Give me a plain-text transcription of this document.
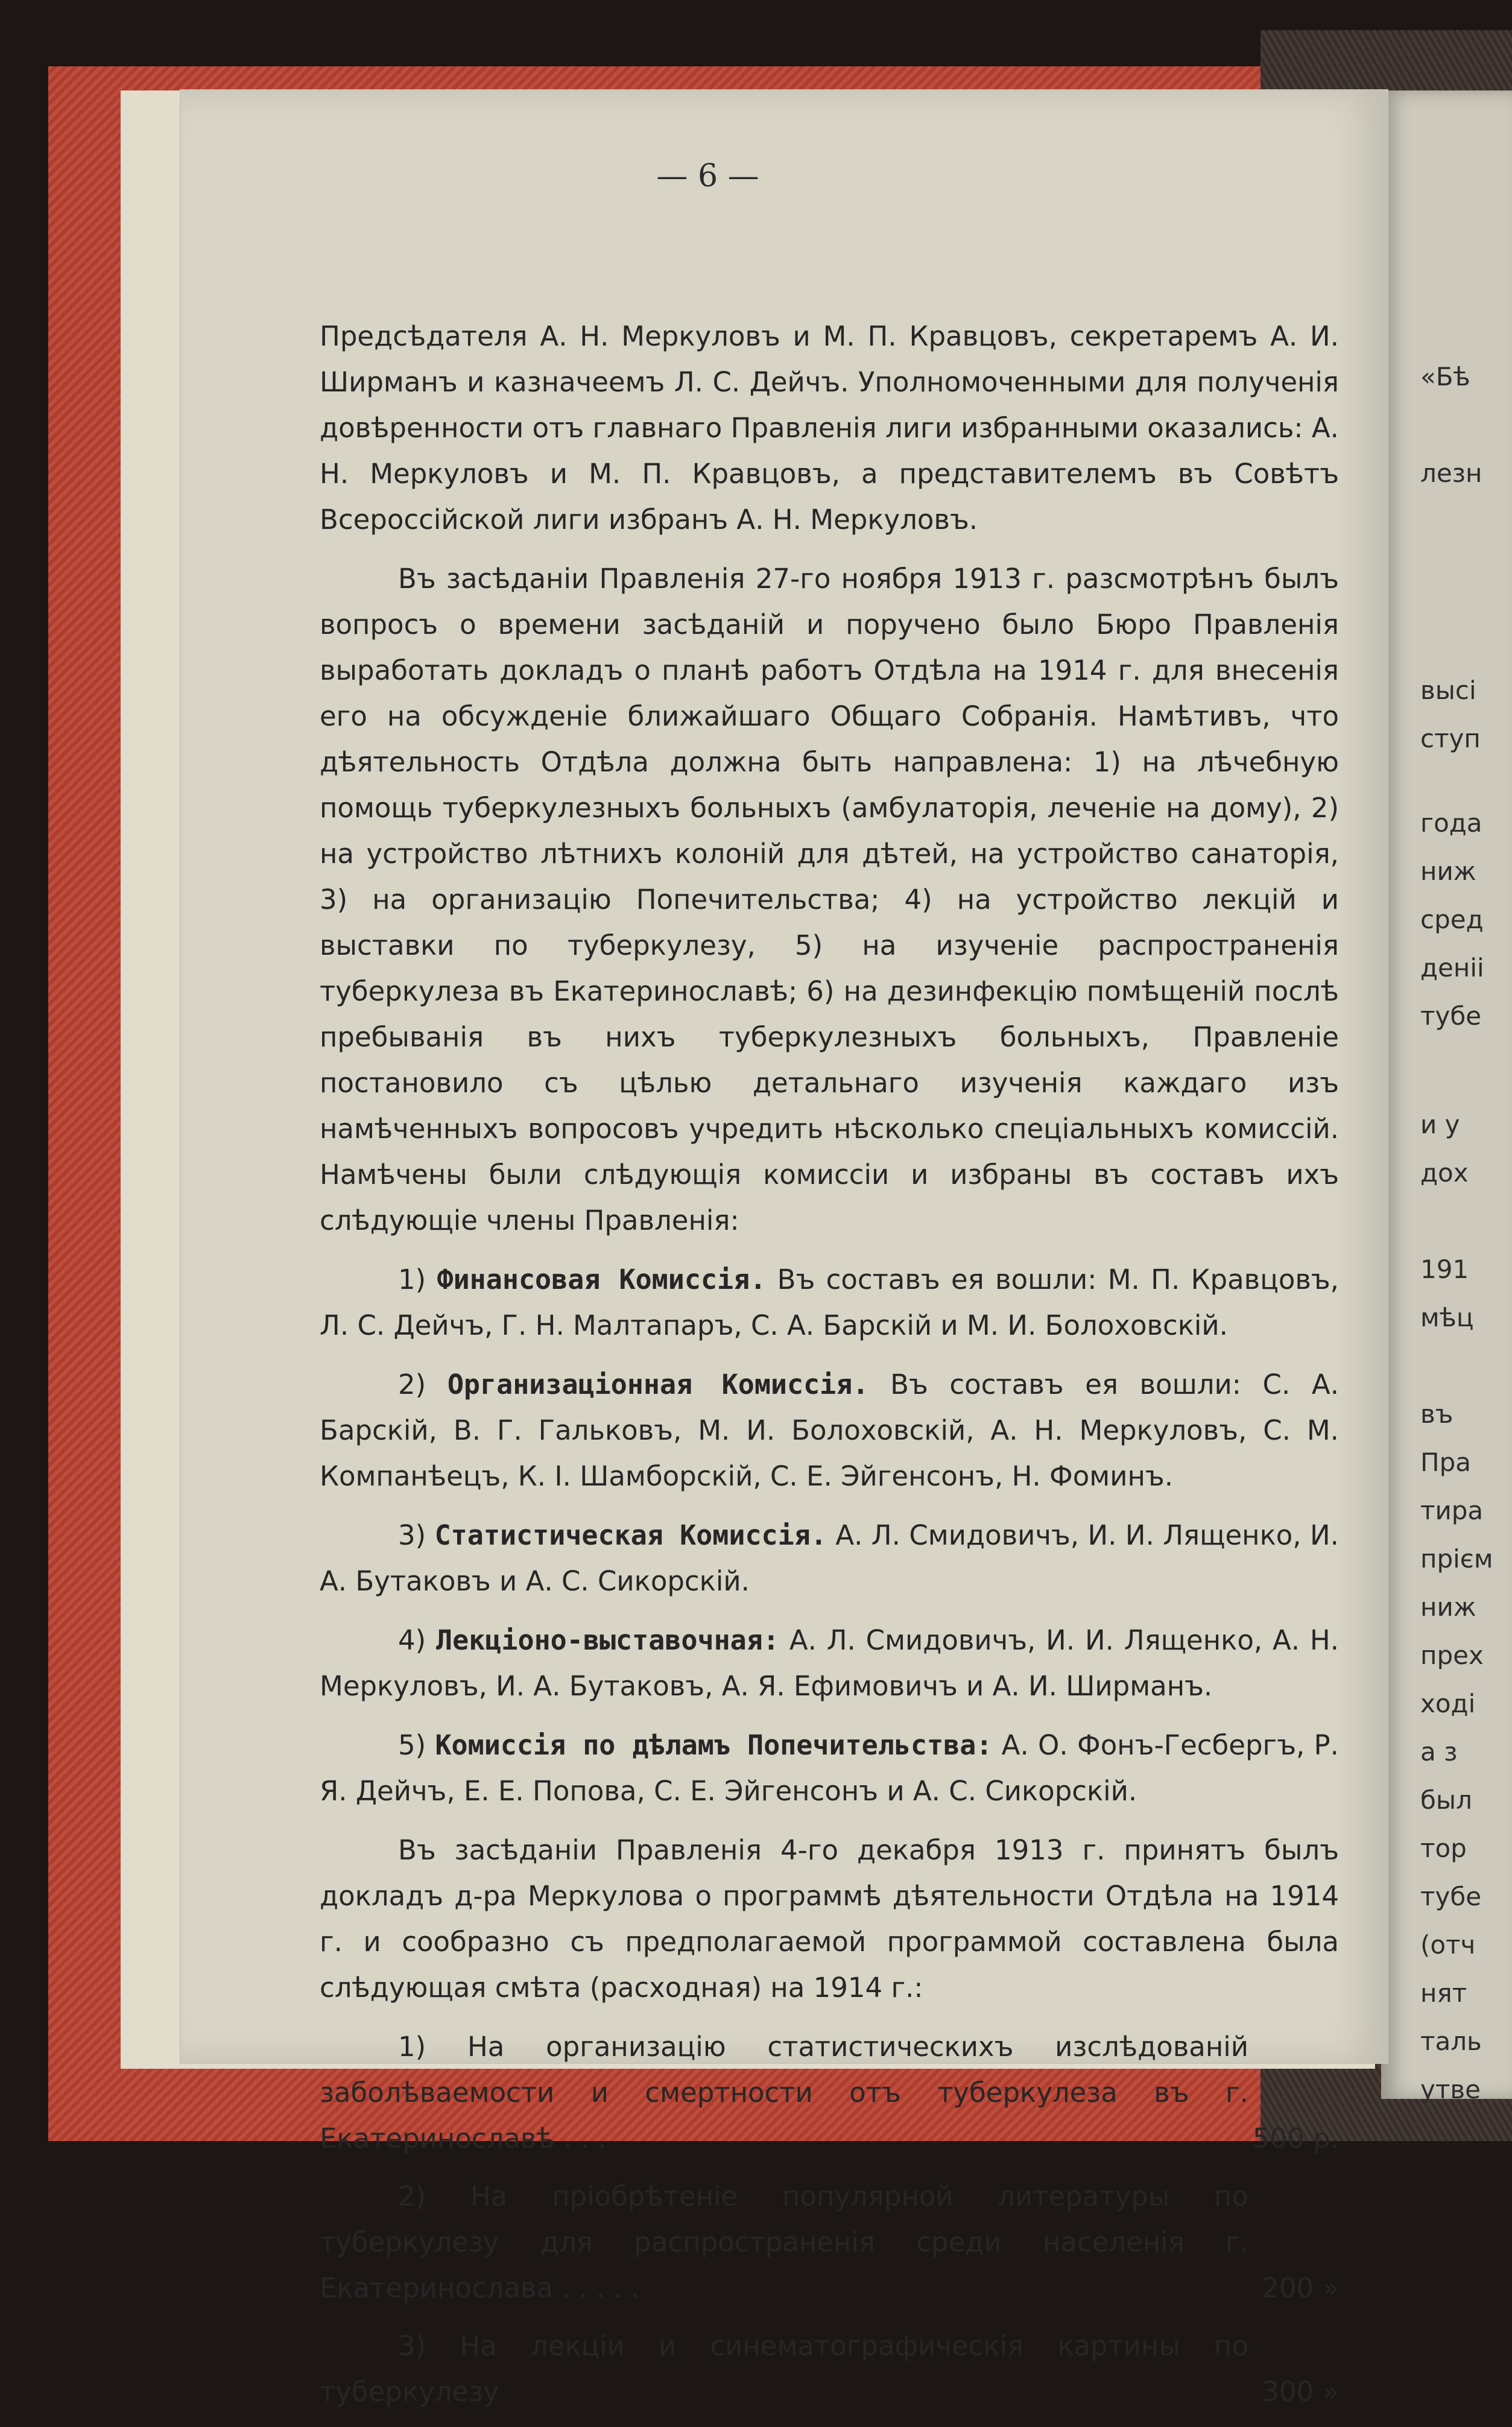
— 6 —

Предсѣдателя А. Н. Меркуловъ и М. П. Кравцовъ, секретаремъ А. И. Ширманъ и казначеемъ Л. С. Дейчъ. Уполномоченными для полученія довѣренности отъ главнаго Правленія лиги избранными оказались: А. Н. Меркуловъ и М. П. Кравцовъ, а представителемъ въ Совѣтъ Всероссійской лиги избранъ А. Н. Меркуловъ.

Въ засѣданіи Правленія 27-го ноября 1913 г. разсмотрѣнъ былъ вопросъ о времени засѣданій и поручено было Бюро Правленія выработать докладъ о планѣ работъ Отдѣла на 1914 г. для внесенія его на обсужденіе ближайшаго Общаго Собранія. Намѣтивъ, что дѣятельность Отдѣла должна быть направлена: 1) на лѣчебную помощь туберкулезныхъ больныхъ (амбулаторія, леченіе на дому), 2) на устройство лѣтнихъ колоній для дѣтей, на устройство санаторія, 3) на организацію Попечительства; 4) на устройство лекцій и выставки по туберкулезу, 5) на изученіе распространенія туберкулеза въ Екатеринославѣ; 6) на дезинфекцію помѣщеній послѣ пребыванія въ нихъ туберкулезныхъ больныхъ, Правленіе постановило съ цѣлью детальнаго изученія каждаго изъ намѣченныхъ вопросовъ учредить нѣсколько спеціальныхъ комиссій. Намѣчены были слѣдующія комиссіи и избраны въ составъ ихъ слѣдующіе члены Правленія:

1) Финансовая Комиссія. Въ составъ ея вошли: М. П. Кравцовъ, Л. С. Дейчъ, Г. Н. Малтапаръ, С. А. Барскій и М. И. Болоховскій.

2) Организаціонная Комиссія. Въ составъ ея вошли: С. А. Барскій, В. Г. Гальковъ, М. И. Болоховскій, А. Н. Меркуловъ, С. М. Компанѣецъ, К. І. Шамборскій, С. Е. Эйгенсонъ, Н. Фоминъ.

3) Статистическая Комиссія. А. Л. Смидовичъ, И. И. Лященко, И. А. Бутаковъ и А. С. Сикорскій.

4) Лекціоно-выставочная: А. Л. Смидовичъ, И. И. Лященко, А. Н. Меркуловъ, И. А. Бутаковъ, А. Я. Ефимовичъ и А. И. Ширманъ.

5) Комиссія по дѣламъ Попечительства: А. О. Фонъ-Гесбергъ, Р. Я. Дейчъ, Е. Е. Попова, С. Е. Эйгенсонъ и А. С. Сикорскій.

Въ засѣданіи Правленія 4-го декабря 1913 г. принятъ былъ докладъ д-ра Меркулова о программѣ дѣятельности Отдѣла на 1914 г. и сообразно съ предполагаемой программой составлена была слѣдующая смѣта (расходная) на 1914 г.:

1) На организацію статистическихъ изслѣдованій заболѣваемости и смертности отъ туберкулеза въ г. Екатеринославѣ . . .	500 р.
2) На пріобрѣтеніе популярной литературы по туберкулезу для распространенія среди населенія г. Екатеринослава . . . . .	200 »
3) На лекціи и синематографическія картины по туберкулезу	300 »
«Бѣ
лезн
высі
ступ
года
ниж
сред
деніі
тубе
и у
дох
191
мѣц
въ
Пра
тира
прієм
ниж
прех
ході
а з
был
тор
тубе
(отч
нят
таль
утве
